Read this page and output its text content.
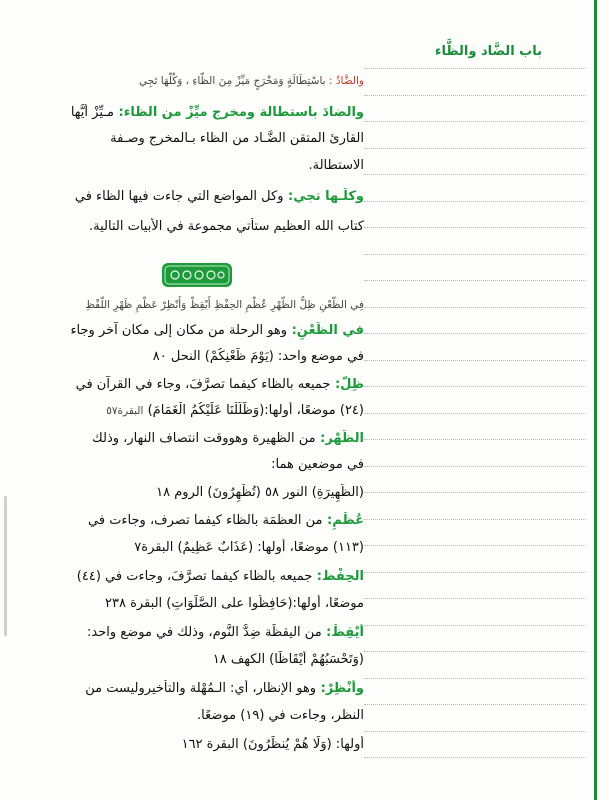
والضَّادُ : باسْتِطَالَةٍ وَمَخْرَجٍ مَيِّزْ مِنَ الظَّاءِ ، وَكُلُّهَا تَجِي
والضادَ باستطالة ومخرج ميِّزْ من الظاء: مـيِّزْ أيُّها
القارئ المتقن الضَّـاد من الظاء بـالمخرج وصـفة
الاستطالة.
وكلُّـها تجي: وكل المواضع التي جاءت فيها الظاء في
كتاب الله العظيم ستأتي مجموعة في الأبيات التالية.
فِي الظَّعْنِ ظِلُّ الظُّهْرِ عُظْمِ الحِفْظِ أَيْقِظْ وَأَنْظِرْ عَظْمِ ظَهْرِ اللَّفْظِ
في الظَّعْنِ: وهو الرحلة من مكان إلى مكان آخر وجاء
في موضع واحد: (يَوْمَ ظَعْنِكُمْ) النحل ٨٠
ظِلّ: جميعه بالظاء كيفما تصرَّفَ، وجاء في القرآن في
(٢٤) موضعًا، أولها:(وَظَلَّلْنَا عَلَيْكُمُ الْغَمَامَ) البقرة٥٧
الظُّهْر: من الظهيرة وهووقت انتصاف النهار، وذلك
في موضعين هما:
(الظَّهِيرَةِ) النور ٥٨ (تُظْهِرُونَ) الروم ١٨
عُظْمِ: من العظمَة بالظاء كيفما تصرف، وجاءت في
(١١٣) موضعًا، أولها: (عَذَابٌ عَظِيمٌ) البقرة٧
الحِفْظ: جميعه بالظاء كيفما تصرَّفَ، وجاءت في (٤٤)
موضعًا، أولها:(حَافِظُوا على الصَّلَوَاتِ) البقرة ٢٣٨
أَيْقِظْ: من اليقظَة ضِدُّ النَّوم، وذلك في موضع واحد:
(وَتَحْسَبُهُمْ أَيْقَاظًا) الكهف ١٨
وأَنْظِرْ: وهو الإنظار، أي: الـمُهْلة والتأخيروليست من
النظر، وجاءت في (١٩) موضعًا.
أولها: (وَلَا هُمْ يُنظَرُونَ) البقرة ١٦٢
باب الضَّاد والظَّاء
